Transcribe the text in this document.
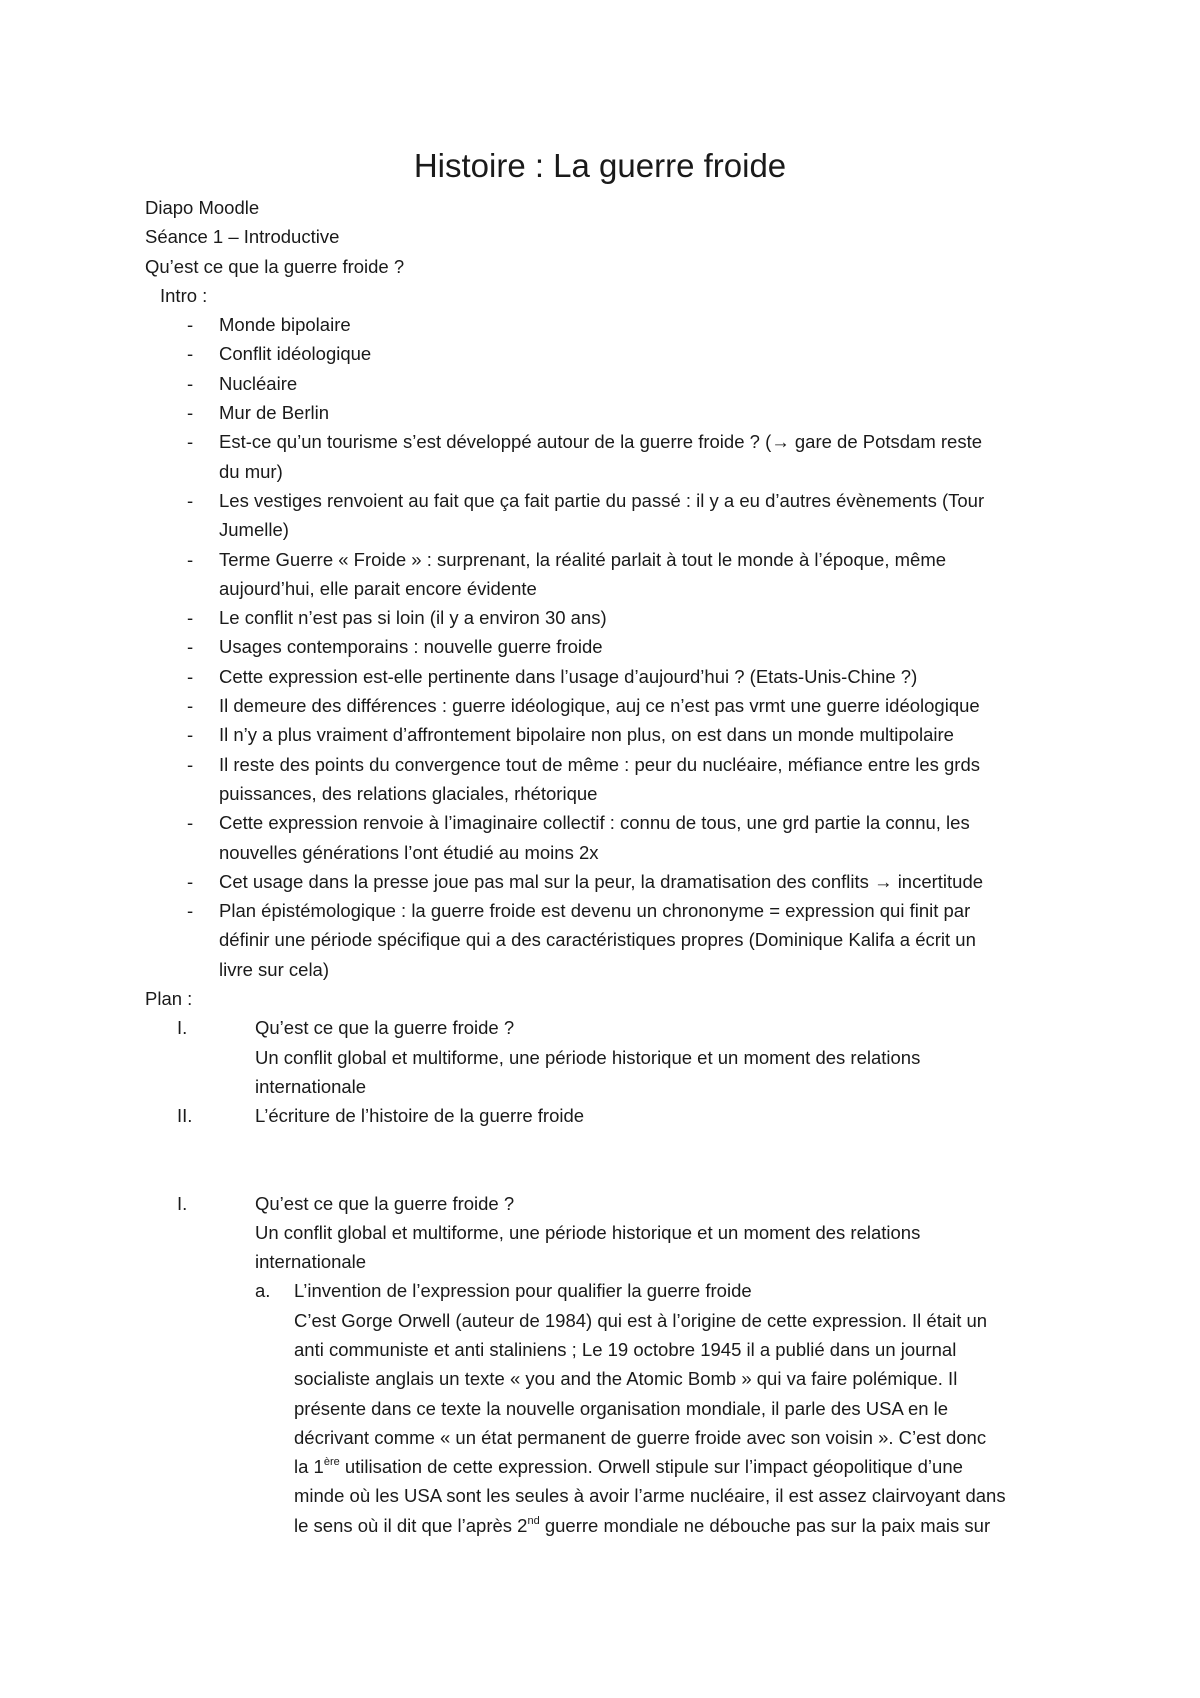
Histoire : La guerre froide
Diapo Moodle
Séance 1 – Introductive
Qu’est ce que la guerre froide ?
Intro :
- Monde bipolaire
- Conflit idéologique
- Nucléaire
- Mur de Berlin
- Est-ce qu’un tourisme s’est développé autour de la guerre froide ? (→ gare de Potsdam reste
du mur)
- Les vestiges renvoient au fait que ça fait partie du passé : il y a eu d’autres évènements (Tour
Jumelle)
- Terme Guerre « Froide » : surprenant, la réalité parlait à tout le monde à l’époque, même
aujourd’hui, elle parait encore évidente
- Le conflit n’est pas si loin (il y a environ 30 ans)
- Usages contemporains : nouvelle guerre froide
- Cette expression est-elle pertinente dans l’usage d’aujourd’hui ? (Etats-Unis-Chine ?)
- Il demeure des différences : guerre idéologique, auj ce n’est pas vrmt une guerre idéologique
- Il n’y a plus vraiment d’affrontement bipolaire non plus, on est dans un monde multipolaire
- Il reste des points du convergence tout de même : peur du nucléaire, méfiance entre les grds
puissances, des relations glaciales, rhétorique
- Cette expression renvoie à l’imaginaire collectif : connu de tous, une grd partie la connu, les
nouvelles générations l’ont étudié au moins 2x
- Cet usage dans la presse joue pas mal sur la peur, la dramatisation des conflits → incertitude
- Plan épistémologique : la guerre froide est devenu un chrononyme = expression qui finit par
définir une période spécifique qui a des caractéristiques propres (Dominique Kalifa a écrit un
livre sur cela)
Plan :
I.	Qu’est ce que la guerre froide ?
Un conflit global et multiforme, une période historique et un moment des relations
internationale
II.	L’écriture de l’histoire de la guerre froide
I.	Qu’est ce que la guerre froide ?
Un conflit global et multiforme, une période historique et un moment des relations
internationale
a. L’invention de l’expression pour qualifier la guerre froide
C’est Gorge Orwell (auteur de 1984) qui est à l’origine de cette expression. Il était un
anti communiste et anti staliniens ; Le 19 octobre 1945 il a publié dans un journal
socialiste anglais un texte « you and the Atomic Bomb » qui va faire polémique. Il
présente dans ce texte la nouvelle organisation mondiale, il parle des USA en le
décrivant comme « un état permanent de guerre froide avec son voisin ». C’est donc
la 1ère utilisation de cette expression. Orwell stipule sur l’impact géopolitique d’une
minde où les USA sont les seules à avoir l’arme nucléaire, il est assez clairvoyant dans
le sens où il dit que l’après 2nd guerre mondiale ne débouche pas sur la paix mais sur
